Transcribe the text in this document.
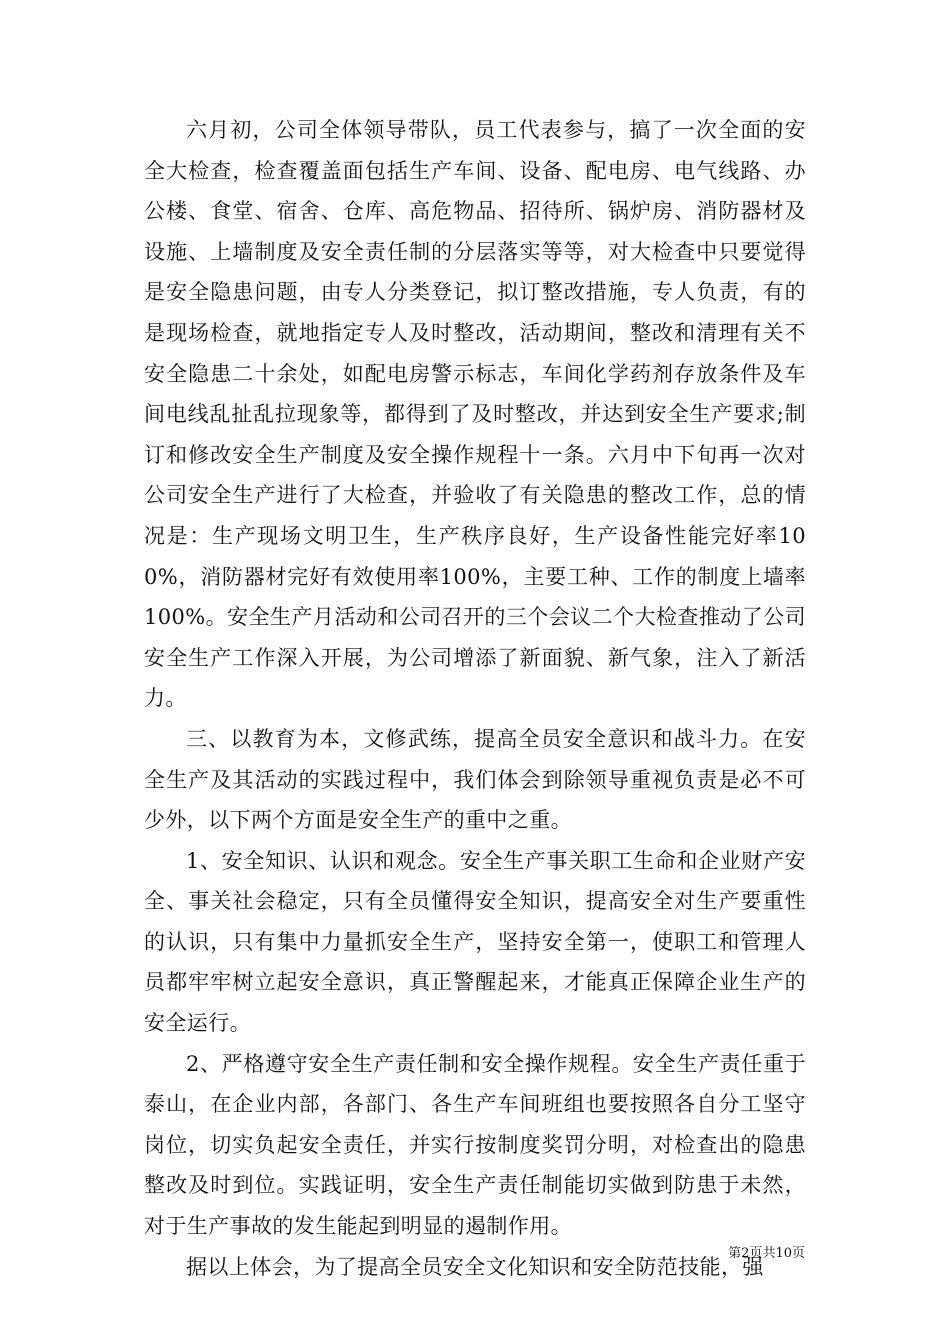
六月初，公司全体领导带队，员工代表参与，搞了一次全面的安全大检查，检查覆盖面包括生产车间、设备、配电房、电气线路、办公楼、食堂、宿舍、仓库、高危物品、招待所、锅炉房、消防器材及设施、上墙制度及安全责任制的分层落实等等，对大检查中只要觉得是安全隐患问题，由专人分类登记，拟订整改措施，专人负责，有的是现场检查，就地指定专人及时整改，活动期间，整改和清理有关不安全隐患二十余处，如配电房警示标志，车间化学药剂存放条件及车间电线乱扯乱拉现象等，都得到了及时整改，并达到安全生产要求;制订和修改安全生产制度及安全操作规程十一条。六月中下旬再一次对公司安全生产进行了大检查，并验收了有关隐患的整改工作，总的情况是：生产现场文明卫生，生产秩序良好，生产设备性能完好率100%，消防器材完好有效使用率100%，主要工种、工作的制度上墙率100%。安全生产月活动和公司召开的三个会议二个大检查推动了公司安全生产工作深入开展，为公司增添了新面貌、新气象，注入了新活力。

三、以教育为本，文修武练，提高全员安全意识和战斗力。在安全生产及其活动的实践过程中，我们体会到除领导重视负责是必不可少外，以下两个方面是安全生产的重中之重。

1、安全知识、认识和观念。安全生产事关职工生命和企业财产安全、事关社会稳定，只有全员懂得安全知识，提高安全对生产要重性的认识，只有集中力量抓安全生产，坚持安全第一，使职工和管理人员都牢牢树立起安全意识，真正警醒起来，才能真正保障企业生产的安全运行。

2、严格遵守安全生产责任制和安全操作规程。安全生产责任重于泰山，在企业内部，各部门、各生产车间班组也要按照各自分工坚守岗位，切实负起安全责任，并实行按制度奖罚分明，对检查出的隐患整改及时到位。实践证明，安全生产责任制能切实做到防患于未然，对于生产事故的发生能起到明显的遏制作用。

据以上体会，为了提高全员安全文化知识和安全防范技能，强

第2页共10页
